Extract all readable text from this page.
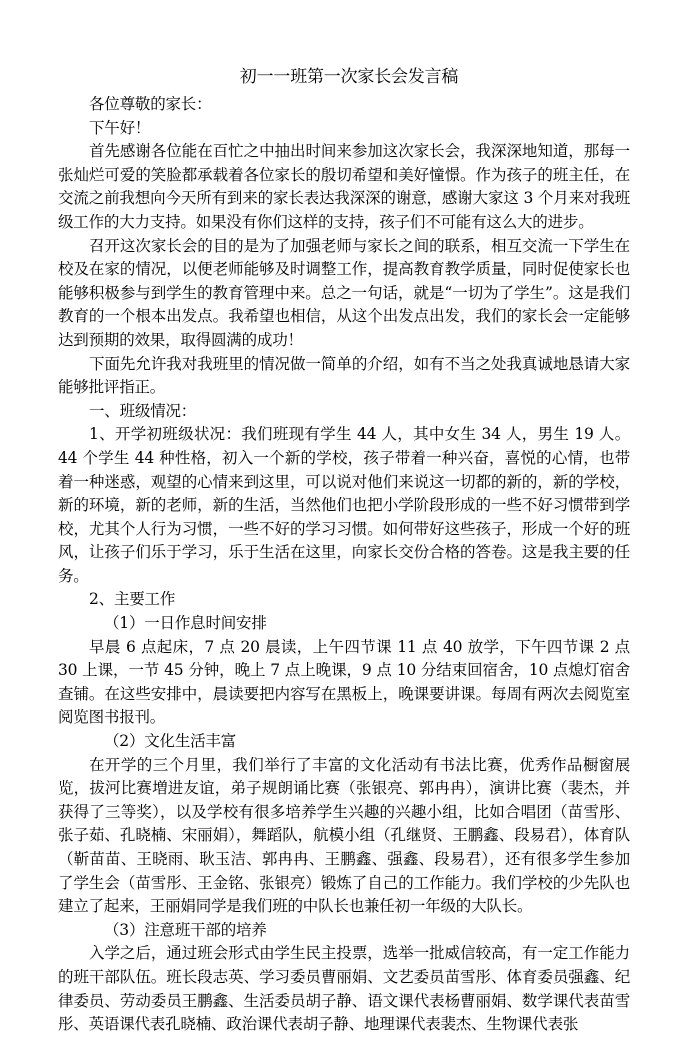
初一一班第一次家长会发言稿

各位尊敬的家长：

下午好！

首先感谢各位能在百忙之中抽出时间来参加这次家长会，我深深地知道，那每一张灿烂可爱的笑脸都承载着各位家长的殷切希望和美好憧憬。作为孩子的班主任，在交流之前我想向今天所有到来的家长表达我深深的谢意，感谢大家这 3 个月来对我班级工作的大力支持。如果没有你们这样的支持，孩子们不可能有这么大的进步。

召开这次家长会的目的是为了加强老师与家长之间的联系，相互交流一下学生在校及在家的情况，以便老师能够及时调整工作，提高教育教学质量，同时促使家长也能够积极参与到学生的教育管理中来。总之一句话，就是“一切为了学生”。这是我们教育的一个根本出发点。我希望也相信，从这个出发点出发，我们的家长会一定能够达到预期的效果，取得圆满的成功！

下面先允许我对我班里的情况做一简单的介绍，如有不当之处我真诚地恳请大家能够批评指正。

一、班级情况：

1、开学初班级状况：我们班现有学生 44 人，其中女生 34 人，男生 19 人。44 个学生 44 种性格，初入一个新的学校，孩子带着一种兴奋，喜悦的心情，也带着一种迷惑，观望的心情来到这里，可以说对他们来说这一切都的新的，新的学校，新的环境，新的老师，新的生活，当然他们也把小学阶段形成的一些不好习惯带到学校，尤其个人行为习惯，一些不好的学习习惯。如何带好这些孩子，形成一个好的班风，让孩子们乐于学习，乐于生活在这里，向家长交份合格的答卷。这是我主要的任务。

2、主要工作

（1）一日作息时间安排

早晨 6 点起床，7 点 20 晨读，上午四节课 11 点 40 放学，下午四节课 2 点 30 上课，一节 45 分钟，晚上 7 点上晚课，9 点 10 分结束回宿舍，10 点熄灯宿舍查铺。在这些安排中，晨读要把内容写在黑板上，晚课要讲课。每周有两次去阅览室阅览图书报刊。

（2）文化生活丰富

在开学的三个月里，我们举行了丰富的文化活动有书法比赛，优秀作品橱窗展览，拔河比赛増进友谊，弟子规朗诵比赛（张银亮、郭冉冉），演讲比赛（裴杰，并获得了三等奖），以及学校有很多培养学生兴趣的兴趣小组，比如合唱团（苗雪彤、张子茹、孔晓楠、宋丽娟），舞蹈队，航模小组（孔继贤、王鹏鑫、段易君），体育队（靳苗苗、王晓雨、耿玉洁、郭冉冉、王鹏鑫、强鑫、段易君），还有很多学生参加了学生会（苗雪彤、王金铭、张银亮）锻炼了自己的工作能力。我们学校的少先队也建立了起来，王丽娟同学是我们班的中队长也兼任初一年级的大队长。

（3）注意班干部的培养

入学之后，通过班会形式由学生民主投票，选举一批威信较高，有一定工作能力的班干部队伍。班长段志英、学习委员曹丽娟、文艺委员苗雪彤、体育委员强鑫、纪律委员、劳动委员王鹏鑫、生活委员胡子静、语文课代表杨曹丽娟、数学课代表苗雪彤、英语课代表孔晓楠、政治课代表胡子静、地理课代表裴杰、生物课代表张
